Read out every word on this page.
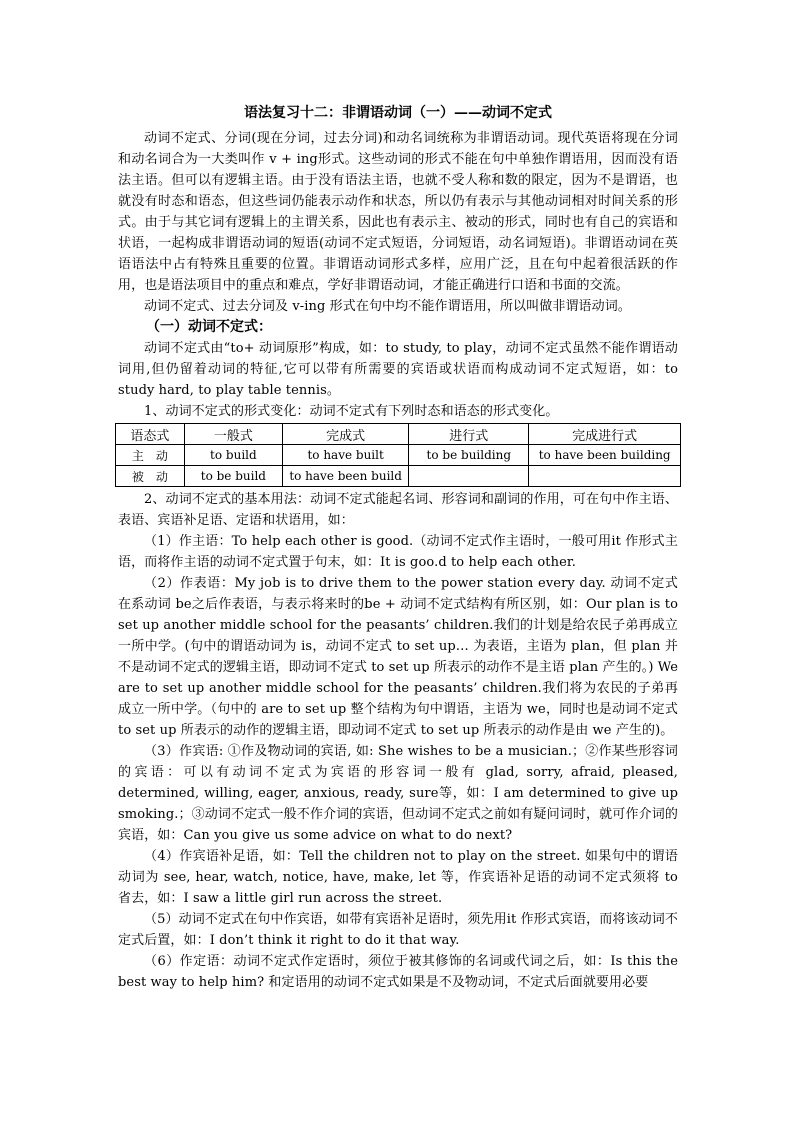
语法复习十二：非谓语动词（一）——动词不定式

动词不定式、分词(现在分词，过去分词)和动名词统称为非谓语动词。现代英语将现在分词和动名词合为一大类叫作 v + ing形式。这些动词的形式不能在句中单独作谓语用，因而没有语法主语。但可以有逻辑主语。由于没有语法主语，也就不受人称和数的限定，因为不是谓语，也就没有时态和语态，但这些词仍能表示动作和状态，所以仍有表示与其他动词相对时间关系的形式。由于与其它词有逻辑上的主谓关系，因此也有表示主、被动的形式，同时也有自己的宾语和状语，一起构成非谓语动词的短语(动词不定式短语，分词短语，动名词短语)。非谓语动词在英语语法中占有特殊且重要的位置。非谓语动词形式多样，应用广泛，且在句中起着很活跃的作用，也是语法项目中的重点和难点，学好非谓语动词，才能正确进行口语和书面的交流。

动词不定式、过去分词及 v-ing 形式在句中均不能作谓语用，所以叫做非谓语动词。

（一）动词不定式：

动词不定式由“to+ 动词原形”构成，如：to study, to play，动词不定式虽然不能作谓语动词用,但仍留着动词的特征,它可以带有所需要的宾语或状语而构成动词不定式短语，如：to study hard, to play table tennis。

1、动词不定式的形式变化：动词不定式有下列时态和语态的形式变化。

语态式	一般式	完成式	进行式	完成进行式
主　动	to build	to have built	to be building	to have been building
被　动	to be build	to have been build		

2、动词不定式的基本用法：动词不定式能起名词、形容词和副词的作用，可在句中作主语、表语、宾语补足语、定语和状语用，如：

（1）作主语：To help each other is good.（动词不定式作主语时，一般可用it 作形式主语，而将作主语的动词不定式置于句末，如：It is goo.d to help each other.

（2）作表语：My job is to drive them to the power station every day. 动词不定式在系动词 be之后作表语，与表示将来时的be + 动词不定式结构有所区别，如：Our plan is to set up another middle school for the peasants’ children.我们的计划是给农民子弟再成立一所中学。(句中的谓语动词为 is，动词不定式 to set up… 为表语，主语为 plan，但 plan 并不是动词不定式的逻辑主语，即动词不定式 to set up 所表示的动作不是主语 plan 产生的。) We are to set up another middle school for the peasants’ children.我们将为农民的子弟再成立一所中学。（句中的 are to set up 整个结构为句中谓语，主语为 we，同时也是动词不定式 to set up 所表示的动作的逻辑主语，即动词不定式 to set up 所表示的动作是由 we 产生的)。

（3）作宾语: ①作及物动词的宾语, 如: She wishes to be a musician.；②作某些形容词的宾语：可以有动词不定式为宾语的形容词一般有 glad, sorry, afraid, pleased, determined, willing, eager, anxious, ready, sure等，如：I am determined to give up smoking.；③动词不定式一般不作介词的宾语，但动词不定式之前如有疑问词时，就可作介词的宾语，如：Can you give us some advice on what to do next?

（4）作宾语补足语，如：Tell the children not to play on the street. 如果句中的谓语动词为 see, hear, watch, notice, have, make, let 等，作宾语补足语的动词不定式须将 to 省去，如：I saw a little girl run across the street.

（5）动词不定式在句中作宾语，如带有宾语补足语时，须先用it 作形式宾语，而将该动词不定式后置，如：I don’t think it right to do it that way.

（6）作定语：动词不定式作定语时，须位于被其修饰的名词或代词之后，如：Is this the best way to help him? 和定语用的动词不定式如果是不及物动词，不定式后面就要用必要
